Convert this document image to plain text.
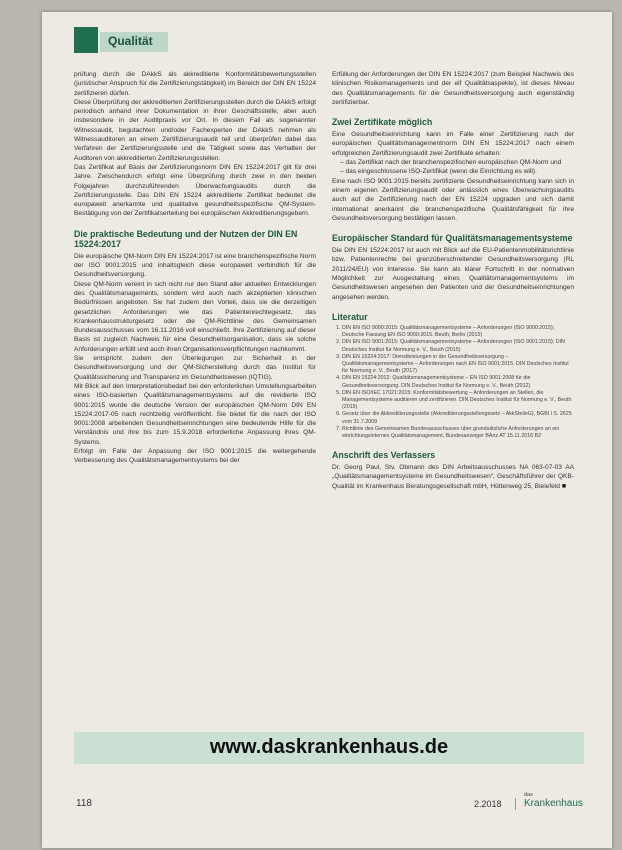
Qualität

prüfung durch die DAkkS als akkreditierte Konformitätsbewertungsstellen (juristischer Anspruch für die Zertifizierungstätigkeit) im Bereich der DIN EN 15224 zertifizieren dürfen.

Diese Überprüfung der akkreditierten Zertifizierungsstellen durch die DAkkS erfolgt periodisch anhand ihrer Dokumentation in ihrer Geschäftsstelle, aber auch insbesondere in der Auditpraxis vor Ort. In diesem Fall als sogenannter Witnessaudit, begutachten und/oder Fachexperten der DAkkS nehmen als Witnessauditoren an einem Zertifizierungsaudit teil und überprüfen dabei das Verfahren der Zertifizierungsstelle und die Tätigkeit sowie das Verhalten der Auditoren von akkreditierten Zertifizierungsstellen.

Das Zertifikat auf Basis der Zertifizierungsnorm DIN EN 15224:2017 gilt für drei Jahre. Zwischendurch erfolgt eine Überprüfung durch zwei in den beiden Folgejahren durchzuführenden Überwachungsaudits durch die Zertifizierungsstelle. Das DIN EN 15224 akkreditierte Zertifikat bedeutet die europaweit anerkannte und qualitative gesundheitsspezifische QM-System-Bestätigung von der Zertifikatserteilung bei europäischen Akkreditierungsgebern.

Die praktische Bedeutung und der Nutzen der DIN EN 15224:2017

Die europäische QM-Norm DIN EN 15224:2017 ist eine branchenspezifische Norm der ISO 9001:2015 und inhaltsgleich diese europaweit verbindlich für die Gesundheitsversorgung.

Diese QM-Norm vereint in sich nicht nur den Stand aller aktuellen Entwicklungen des Qualitätsmanagements, sondern wird auch nach akzeptierten klinischen Bedürfnissen angeboten. Sie hat zudem den Vorteil, dass sie die derzeitigen gesetzlichen Anforderungen wie das Patientenrechtegesetz, das Krankenhausstrukturgesetz oder die QM-Richtlinie des Gemeinsamen Bundesausschusses vom 16.11.2016 voll einschließt. Ihre Zertifizierung auf dieser Basis ist zugleich Nachweis für eine Gesundheitsorganisation, dass sie solche Anforderungen erfüllt und auch ihren Organisationsverpflichtungen nachkommt.

Sie entspricht zudem den Überlegungen zur Sicherheit in der Gesundheitsversorgung und der QM-Sicherstellung durch das Institut für Qualitätssicherung und Transparenz im Gesundheitswesen (IQTIG).

Mit Blick auf den Interpretationsbedarf bei den erforderlichen Umstellungsarbeiten eines ISO-basierten Qualitätsmanagementsystems auf die revidierte ISO 9001:2015 wurde die deutsche Version der europäischen QM-Norm DIN EN 15224:2017-05 nach rechtzeitig veröffentlicht. Sie bietet für die nach der ISO 9001:2008 arbeitenden Gesundheitseinrichtungen eine bedeutende Hilfe für die Verständnis und ihre bis zum 15.9.2018 erforderliche Anpassung ihres QM-Systems.

Erfolgt im Falle der Anpassung der ISO 9001:2015 die weitergehende Verbesserung des Qualitätsmanagementsystems bei der

Erfüllung der Anforderungen der DIN EN 15224:2017 (zum Beispiel Nachweis des klinischen Risikomanagements und der elf Qualitätsaspekte), ist dieses Niveau des Qualitätsmanagements für die Gesundheitsversorgung auch eigenständig zertifizierbar.

Zwei Zertifikate möglich

Eine Gesundheitseinrichtung kann im Falle einer Zertifizierung nach der europäischen Qualitätsmanagementnorm DIN EN 15224:2017 nach einem erfolgreichen Zertifizierungsaudit zwei Zertifikate erhalten:

– das Zertifikat nach der branchenspezifischen europäischen QM-Norm und
– das eingeschlossene ISO-Zertifikat (wenn die Einrichtung es will).

Eine nach ISO 9001:2015 bereits zertifizierte Gesundheitseinrichtung kann sich in einem eigenen Zertifizierungsaudit oder anlässlich eines Überwachungsaudits auch auf die Zertifizierung nach der EN 15224 upgraden und sich damit international anerkannt die branchenspezifische Qualitätsfähigkeit für ihre Gesundheitsversorgung bestätigen lassen.

Europäischer Standard für Qualitätsmanagementsysteme

Die DIN EN 15224:2017 ist auch mit Blick auf die EU-Patientenmobilitätsrichtlinie bzw. Patientenrechte bei grenzüberschreitender Gesundheitsversorgung (RL 2011/24/EU) von Interesse. Sie kann als klarer Fortschritt in der normativen Möglichkeit zur Ausgestaltung eines Qualitätsmanagementsystems im Gesundheitswesen angesehen den Patienten und der Gesundheitseinrichtungen angesehen werden.

Literatur
1. DIN EN ISO 9000:2015: Qualitätsmanagementsysteme – Anforderungen (ISO 9000:2015); Deutsche Fassung EN ISO 9000:2015. Beuth, Berlin (2015)
2. DIN EN ISO 9001:2015: Qualitätsmanagementsysteme – Anforderungen (ISO 9001:2015); DIN Deutsches Institut für Normung e. V., Beuth (2015)
3. DIN EN 15224:2017: Dienstleistungen in der Gesundheitsversorgung – Qualitätsmanagementsysteme – Anforderungen nach EN ISO 9001:2015. DIN Deutsches Institut für Normung e. V., Beuth (2017)
4. DIN EN 15224:2012: Qualitätsmanagementsysteme – EN ISO 9001:2008 für die Gesundheitsversorgung. DIN Deutsches Institut für Normung e. V., Beuth (2012)
5. DIN EN ISO/IEC 17021:2015: Konformitätsbewertung – Anforderungen an Stellen, die Managementsysteme auditieren und zertifizieren. DIN Deutsches Institut für Normung e. V., Beuth (2015)
6. Gesetz über die Akkreditierungsstelle (Akkreditierungsstellengesetz – AkkStelleG), BGBl I S. 2625 vom 31.7.2009
7. Richtlinie des Gemeinsamen Bundesausschusses über grundsätzliche Anforderungen an ein einrichtungsinternes Qualitätsmanagement, Bundesanzeiger BAnz AT 15.11.2016 B2
Anschrift des Verfassers

Dr. Georg Paul, Stv. Obmann des DIN Arbeitsausschusses NA 063-07-03 AA „Qualitätsmanagementsysteme im Gesundheitswesen“, Geschäftsführer der QKB-Qualität im Krankenhaus Beratungsgesellschaft mbH, Hüttenweg 25, Bielefeld ■

www.daskrankenhaus.de
118	2.2018
das
Krankenhaus
